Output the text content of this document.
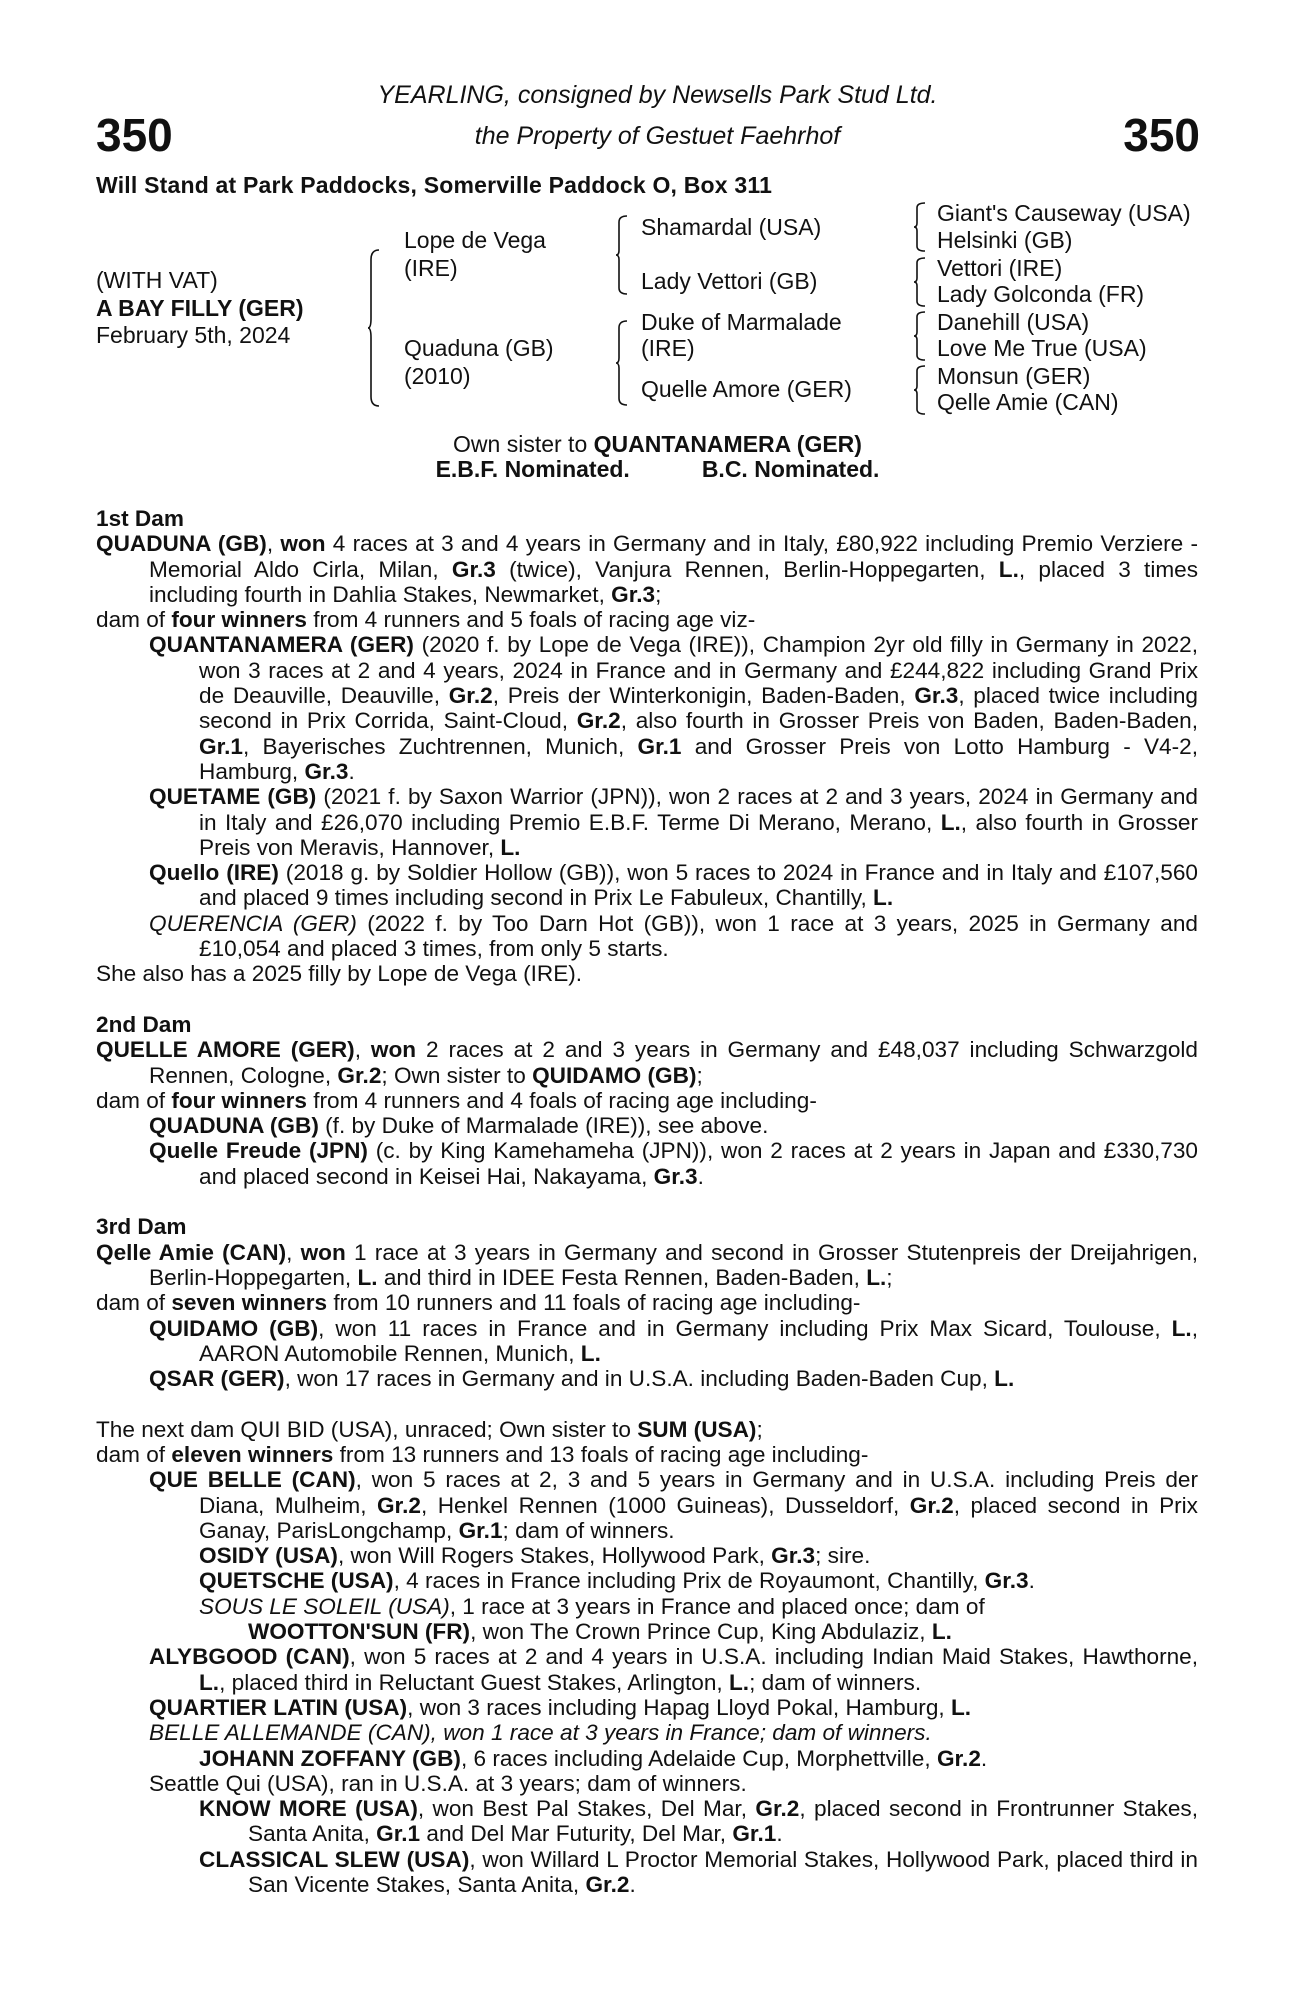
YEARLING, consigned by Newsells Park Stud Ltd.
350	the Property of Gestuet Faehrhof	350
Will Stand at Park Paddocks, Somerville Paddock O, Box 311
(WITH VAT)
A BAY FILLY (GER)
February 5th, 2024
Lope de Vega
(IRE)
Quaduna (GB)
(2010)
Shamardal (USA)
Lady Vettori (GB)
Duke of Marmalade
(IRE)
Quelle Amore (GER)
Giant's Causeway (USA)
Helsinki (GB)
Vettori (IRE)
Lady Golconda (FR)
Danehill (USA)
Love Me True (USA)
Monsun (GER)
Qelle Amie (CAN)
Own sister to QUANTANAMERA (GER)
E.B.F. Nominated.	B.C. Nominated.
1st Dam

QUADUNA (GB), won 4 races at 3 and 4 years in Germany and in Italy, £80,922 including Premio Verziere - Memorial Aldo Cirla, Milan, Gr.3 (twice), Vanjura Rennen, Berlin-Hoppegarten, L., placed 3 times including fourth in Dahlia Stakes, Newmarket, Gr.3;

dam of four winners from 4 runners and 5 foals of racing age viz-

QUANTANAMERA (GER) (2020 f. by Lope de Vega (IRE)), Champion 2yr old filly in Germany in 2022, won 3 races at 2 and 4 years, 2024 in France and in Germany and £244,822 including Grand Prix de Deauville, Deauville, Gr.2, Preis der Winterkonigin, Baden-Baden, Gr.3, placed twice including second in Prix Corrida, Saint-Cloud, Gr.2, also fourth in Grosser Preis von Baden, Baden-Baden, Gr.1, Bayerisches Zuchtrennen, Munich, Gr.1 and Grosser Preis von Lotto Hamburg - V4-2, Hamburg, Gr.3.

QUETAME (GB) (2021 f. by Saxon Warrior (JPN)), won 2 races at 2 and 3 years, 2024 in Germany and in Italy and £26,070 including Premio E.B.F. Terme Di Merano, Merano, L., also fourth in Grosser Preis von Meravis, Hannover, L.

Quello (IRE) (2018 g. by Soldier Hollow (GB)), won 5 races to 2024 in France and in Italy and £107,560 and placed 9 times including second in Prix Le Fabuleux, Chantilly, L.

QUERENCIA (GER) (2022 f. by Too Darn Hot (GB)), won 1 race at 3 years, 2025 in Germany and £10,054 and placed 3 times, from only 5 starts.

She also has a 2025 filly by Lope de Vega (IRE).

2nd Dam

QUELLE AMORE (GER), won 2 races at 2 and 3 years in Germany and £48,037 including Schwarzgold Rennen, Cologne, Gr.2; Own sister to QUIDAMO (GB);

dam of four winners from 4 runners and 4 foals of racing age including-

QUADUNA (GB) (f. by Duke of Marmalade (IRE)), see above.

Quelle Freude (JPN) (c. by King Kamehameha (JPN)), won 2 races at 2 years in Japan and £330,730 and placed second in Keisei Hai, Nakayama, Gr.3.

3rd Dam

Qelle Amie (CAN), won 1 race at 3 years in Germany and second in Grosser Stutenpreis der Dreijahrigen, Berlin-Hoppegarten, L. and third in IDEE Festa Rennen, Baden-Baden, L.;

dam of seven winners from 10 runners and 11 foals of racing age including-

QUIDAMO (GB), won 11 races in France and in Germany including Prix Max Sicard, Toulouse, L., AARON Automobile Rennen, Munich, L.

QSAR (GER), won 17 races in Germany and in U.S.A. including Baden-Baden Cup, L.

The next dam QUI BID (USA), unraced; Own sister to SUM (USA);

dam of eleven winners from 13 runners and 13 foals of racing age including-

QUE BELLE (CAN), won 5 races at 2, 3 and 5 years in Germany and in U.S.A. including Preis der Diana, Mulheim, Gr.2, Henkel Rennen (1000 Guineas), Dusseldorf, Gr.2, placed second in Prix Ganay, ParisLongchamp, Gr.1; dam of winners.

OSIDY (USA), won Will Rogers Stakes, Hollywood Park, Gr.3; sire.

QUETSCHE (USA), 4 races in France including Prix de Royaumont, Chantilly, Gr.3.

SOUS LE SOLEIL (USA), 1 race at 3 years in France and placed once; dam of

WOOTTON'SUN (FR), won The Crown Prince Cup, King Abdulaziz, L.

ALYBGOOD (CAN), won 5 races at 2 and 4 years in U.S.A. including Indian Maid Stakes, Hawthorne, L., placed third in Reluctant Guest Stakes, Arlington, L.; dam of winners.

QUARTIER LATIN (USA), won 3 races including Hapag Lloyd Pokal, Hamburg, L.

BELLE ALLEMANDE (CAN), won 1 race at 3 years in France; dam of winners.

JOHANN ZOFFANY (GB), 6 races including Adelaide Cup, Morphettville, Gr.2.

Seattle Qui (USA), ran in U.S.A. at 3 years; dam of winners.

KNOW MORE (USA), won Best Pal Stakes, Del Mar, Gr.2, placed second in Frontrunner Stakes, Santa Anita, Gr.1 and Del Mar Futurity, Del Mar, Gr.1.

CLASSICAL SLEW (USA), won Willard L Proctor Memorial Stakes, Hollywood Park, placed third in San Vicente Stakes, Santa Anita, Gr.2.
